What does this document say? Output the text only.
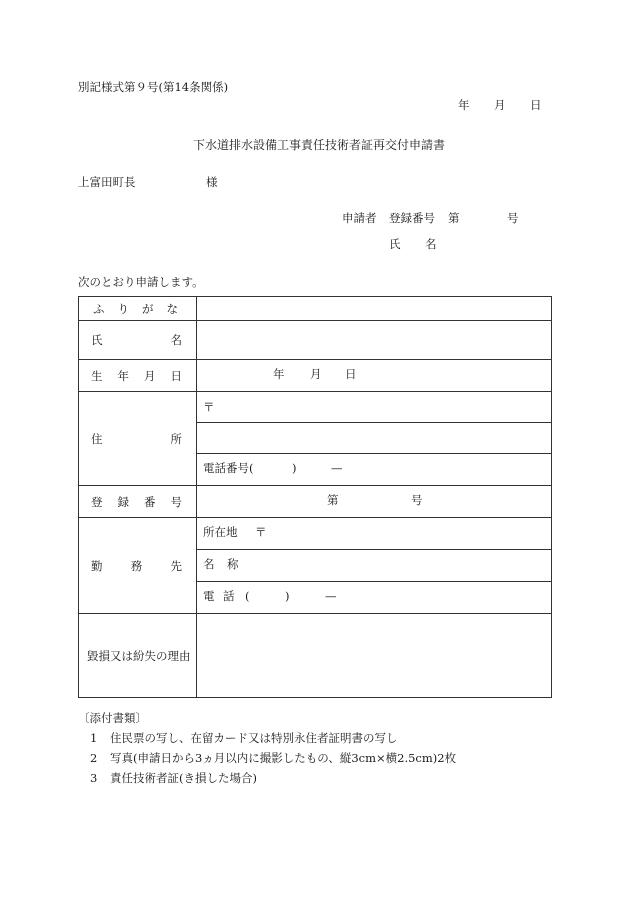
別記様式第９号(第14条関係)
年 月 日
下水道排水設備工事責任技術者証再交付申請書
上富田町長	様
申請者 登録番号 第	号
氏 名
次のとおり申請します。
ふ り が な	

氏 名	

生 年 月 日	年 月 日

住 所	〒

	電話番号( ) —

登 録 番 号	第 号

勤 務 先	所在地 〒

	名 称

	電 話 ( ) —

毀損又は紛失の理由	
〔添付書類〕
1 住民票の写し、在留カード又は特別永住者証明書の写し
2 写真(申請日から3ヵ月以内に撮影したもの、縦3cm×横2.5cm)2枚
3 責任技術者証(き損した場合)
